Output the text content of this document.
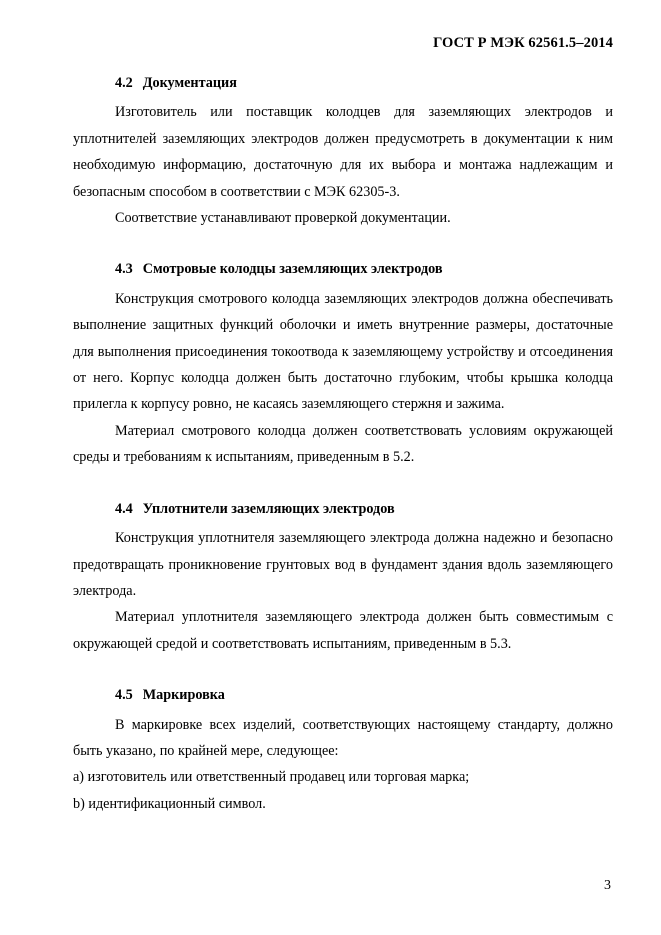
ГОСТ Р МЭК 62561.5–2014

4.2 Документация

Изготовитель или поставщик колодцев для заземляющих электродов и уплотнителей заземляющих электродов должен предусмотреть в документации к ним необходимую информацию, достаточную для их выбора и монтажа надлежащим и безопасным способом в соответствии с МЭК 62305-3.

Соответствие устанавливают проверкой документации.

4.3 Смотровые колодцы заземляющих электродов

Конструкция смотрового колодца заземляющих электродов должна обеспечивать выполнение защитных функций оболочки и иметь внутренние размеры, достаточные для выполнения присоединения токоотвода к заземляющему устройству и отсоединения от него. Корпус колодца должен быть достаточно глубоким, чтобы крышка колодца прилегла к корпусу ровно, не касаясь заземляющего стержня и зажима.

Материал смотрового колодца должен соответствовать условиям окружающей среды и требованиям к испытаниям, приведенным в 5.2.

4.4 Уплотнители заземляющих электродов

Конструкция уплотнителя заземляющего электрода должна надежно и безопасно предотвращать проникновение грунтовых вод в фундамент здания вдоль заземляющего электрода.

Материал уплотнителя заземляющего электрода должен быть совместимым с окружающей средой и соответствовать испытаниям, приведенным в 5.3.

4.5 Маркировка

В маркировке всех изделий, соответствующих настоящему стандарту, должно быть указано, по крайней мере, следующее:

a) изготовитель или ответственный продавец или торговая марка;

b) идентификационный символ.

3
